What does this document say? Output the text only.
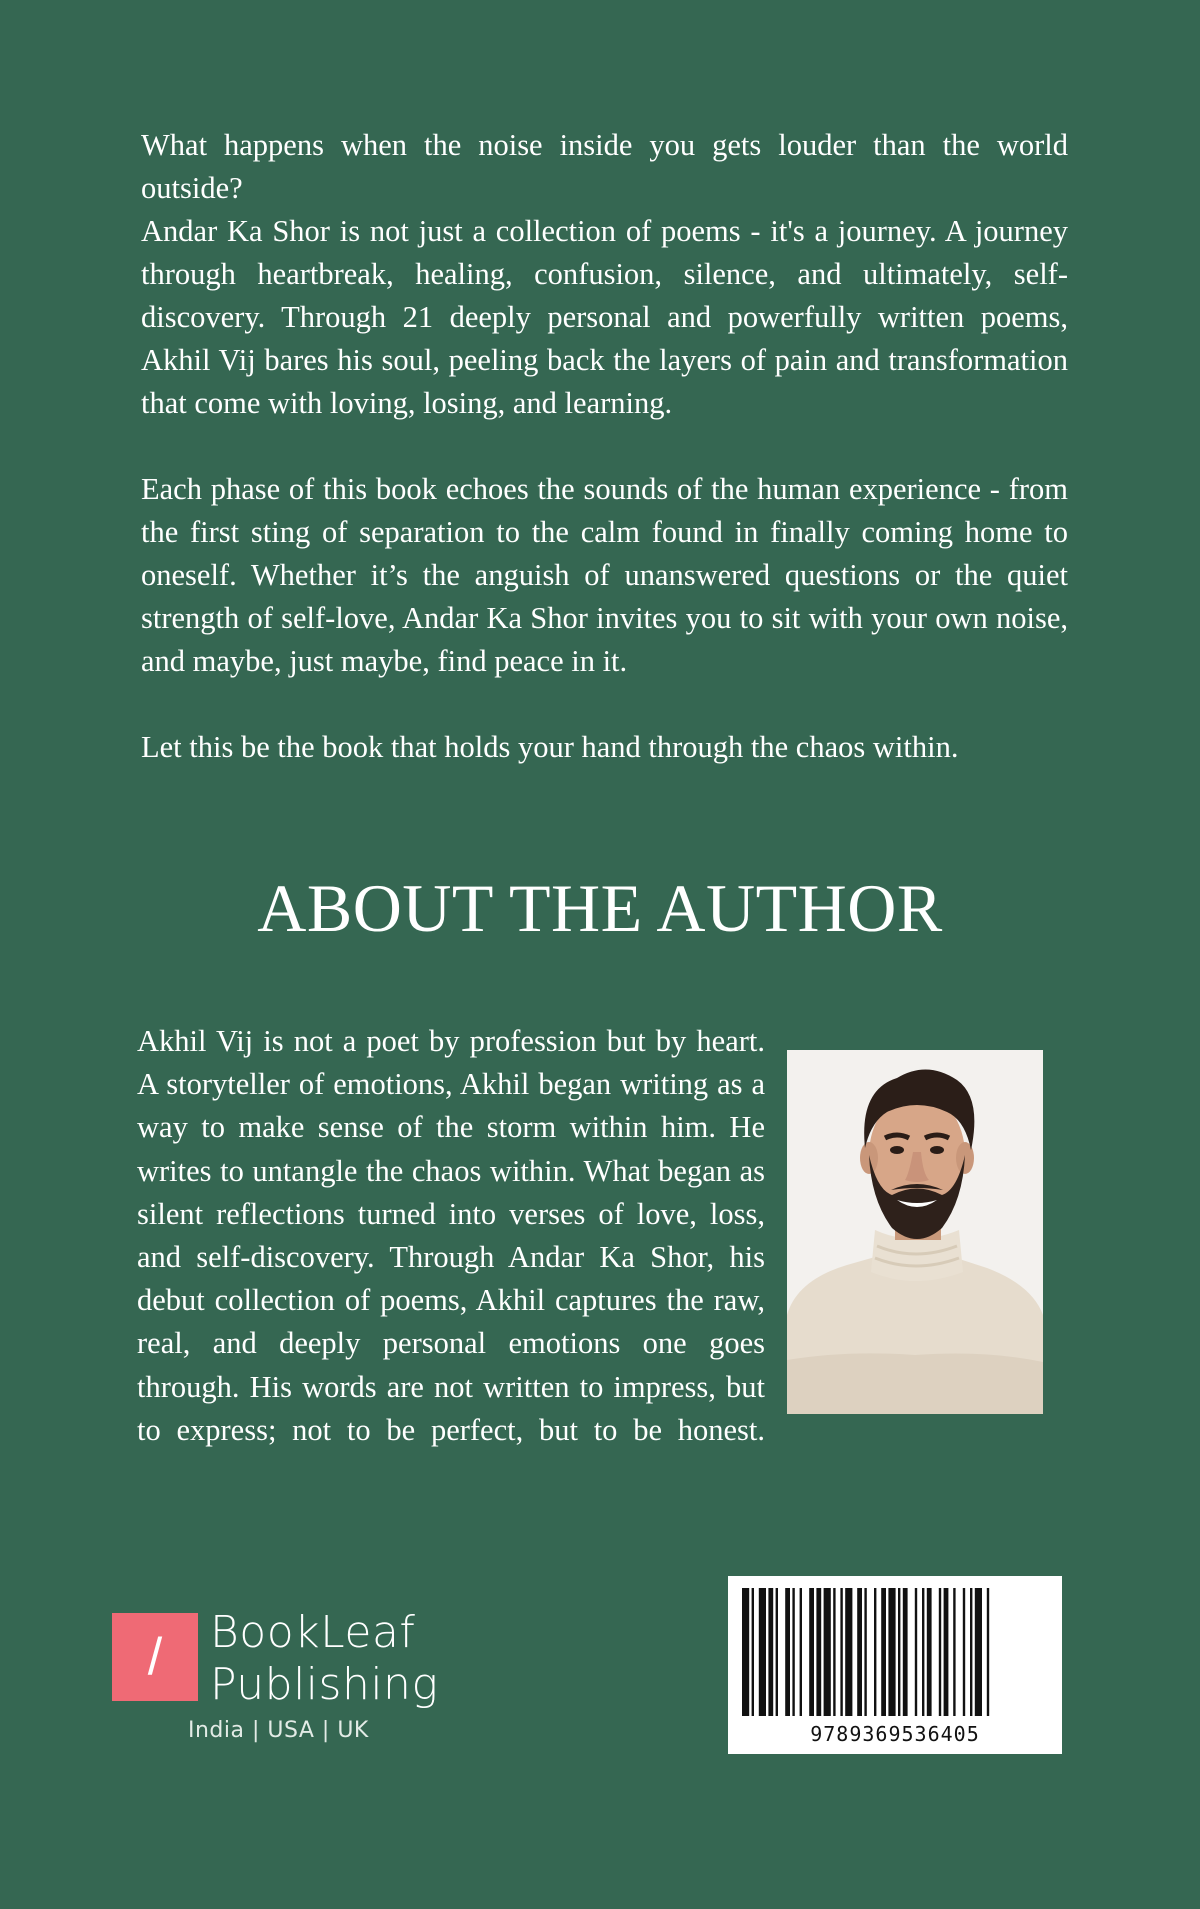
What happens when the noise inside you gets louder than the world outside?

Andar Ka Shor is not just a collection of poems - it's a journey. A journey through heartbreak, healing, confusion, silence, and ultimately, self-discovery. Through 21 deeply personal and powerfully written poems, Akhil Vij bares his soul, peeling back the layers of pain and transformation that come with loving, losing, and learning.

Each phase of this book echoes the sounds of the human experience - from the first sting of separation to the calm found in finally coming home to oneself. Whether it’s the anguish of unanswered questions or the quiet strength of self-love, Andar Ka Shor invites you to sit with your own noise, and maybe, just maybe, find peace in it.

Let this be the book that holds your hand through the chaos within.

ABOUT THE AUTHOR
Akhil Vij is not a poet by profession but by heart. A storyteller of emotions, Akhil began writing as a way to make sense of the storm within him. He writes to untangle the chaos within. What began as silent reflections turned into verses of love, loss, and self-discovery. Through Andar Ka Shor, his debut collection of poems, Akhil captures the raw, real, and deeply personal emotions one goes through. His words are not written to impress, but to express; not to be perfect, but to be honest.
/	BookLeaf
Publishing
India | USA | UK	9789369536405
